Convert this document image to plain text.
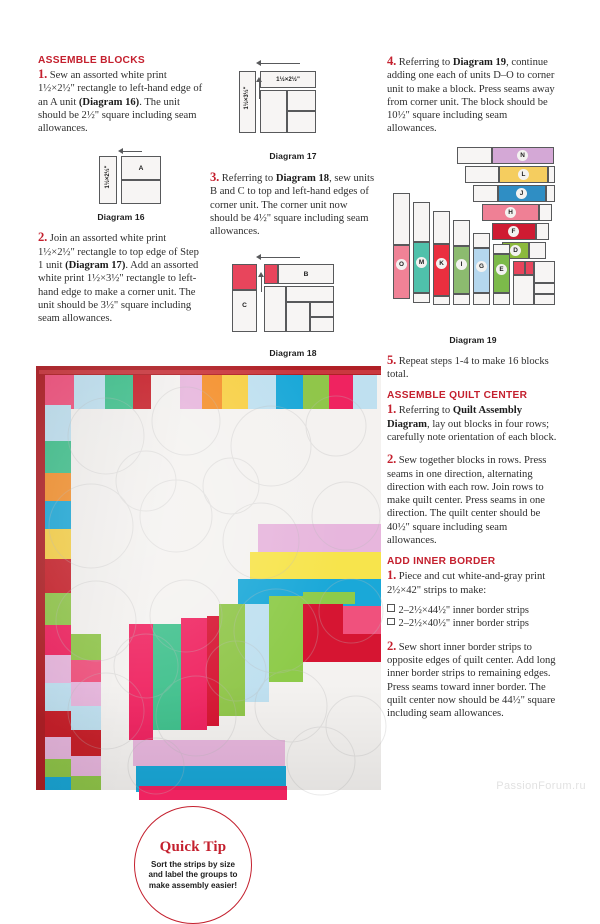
ASSEMBLE BLOCKS

1. Sew an assorted white print 1½×2½" rectangle to left-hand edge of an A unit (Diagram 16). The unit should be 2½" square including seam allowances.

1½×2½"	A
Diagram 16

2. Join an assorted white print 1½×2½" rectangle to top edge of Step 1 unit (Diagram 17). Add an assorted white print 1½×3½" rectangle to left-hand edge to make a corner unit. The unit should be 3½" square including seam allowances.

1½×3½"
1½×2½"
Diagram 17

3. Referring to Diagram 18, sew units B and C to top and left-hand edges of corner unit. The corner unit now should be 4½" square including seam allowances.

C
B
Diagram 18

4. Referring to Diagram 19, continue adding one each of units D–O to corner unit to make a block. Press seams away from corner unit. The block should be 10½" square including seam allowances.

N
L
J
H
F
D
O	M	K	I	G	E
Diagram 19

5. Repeat steps 1-4 to make 16 blocks total.

ASSEMBLE QUILT CENTER

1. Referring to Quilt Assembly Diagram, lay out blocks in four rows; carefully note orientation of each block.

2. Sew together blocks in rows. Press seams in one direction, alternating direction with each row. Join rows to make quilt center. Press seams in one direction. The quilt center should be 40½" square including seam allowances.

ADD INNER BORDER

1. Piece and cut white-and-gray print 2½×42" strips to make:

2–2½×44½" inner border strips
2–2½×40½" inner border strips

2. Sew short inner border strips to opposite edges of quilt center. Add long inner border strips to remaining edges. Press seams toward inner border. The quilt center now should be 44½" square including seam allowances.

Quick Tip
Sort the strips by size and label the groups to make assembly easier!
PassionForum.ru
